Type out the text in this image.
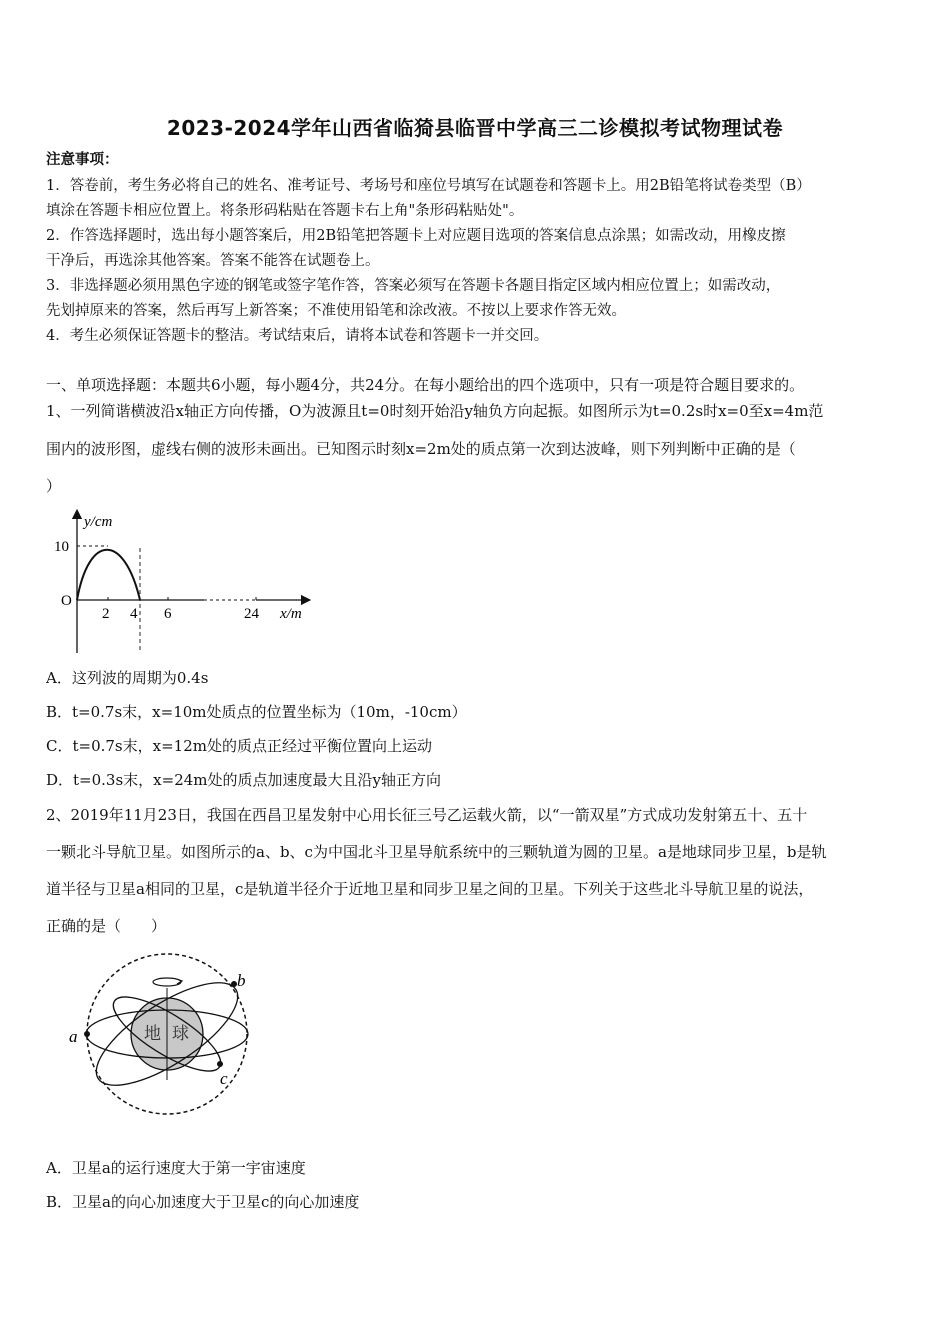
2023-2024学年山西省临猗县临晋中学高三二诊模拟考试物理试卷
注意事项：
1．答卷前，考生务必将自己的姓名、准考证号、考场号和座位号填写在试题卷和答题卡上。用2B铅笔将试卷类型（B）
填涂在答题卡相应位置上。将条形码粘贴在答题卡右上角"条形码粘贴处"。
2．作答选择题时，选出每小题答案后，用2B铅笔把答题卡上对应题目选项的答案信息点涂黑；如需改动，用橡皮擦
干净后，再选涂其他答案。答案不能答在试题卷上。
3．非选择题必须用黑色字迹的钢笔或签字笔作答，答案必须写在答题卡各题目指定区域内相应位置上；如需改动，
先划掉原来的答案，然后再写上新答案；不准使用铅笔和涂改液。不按以上要求作答无效。
4．考生必须保证答题卡的整洁。考试结束后，请将本试卷和答题卡一并交回。
一、单项选择题：本题共6小题，每小题4分，共24分。在每小题给出的四个选项中，只有一项是符合题目要求的。
1、一列简谐横波沿x轴正方向传播，O为波源且t=0时刻开始沿y轴负方向起振。如图所示为t=0.2s时x=0至x=4m范
围内的波形图，虚线右侧的波形未画出。已知图示时刻x=2m处的质点第一次到达波峰，则下列判断中正确的是（
）
y/cm
10
O
2 4 6	24 x/m
A．这列波的周期为0.4s
B．t=0.7s末，x=10m处质点的位置坐标为（10m，-10cm）
C．t=0.7s末，x=12m处的质点正经过平衡位置向上运动
D．t=0.3s末，x=24m处的质点加速度最大且沿y轴正方向
2、2019年11月23日，我国在西昌卫星发射中心用长征三号乙运载火箭，以“一箭双星”方式成功发射第五十、五十
一颗北斗导航卫星。如图所示的a、b、c为中国北斗卫星导航系统中的三颗轨道为圆的卫星。a是地球同步卫星，b是轨
道半径与卫星a相同的卫星，c是轨道半径介于近地卫星和同步卫星之间的卫星。下列关于这些北斗导航卫星的说法，
正确的是（　　）
地 球
a
b
c
A．卫星a的运行速度大于第一宇宙速度
B．卫星a的向心加速度大于卫星c的向心加速度
